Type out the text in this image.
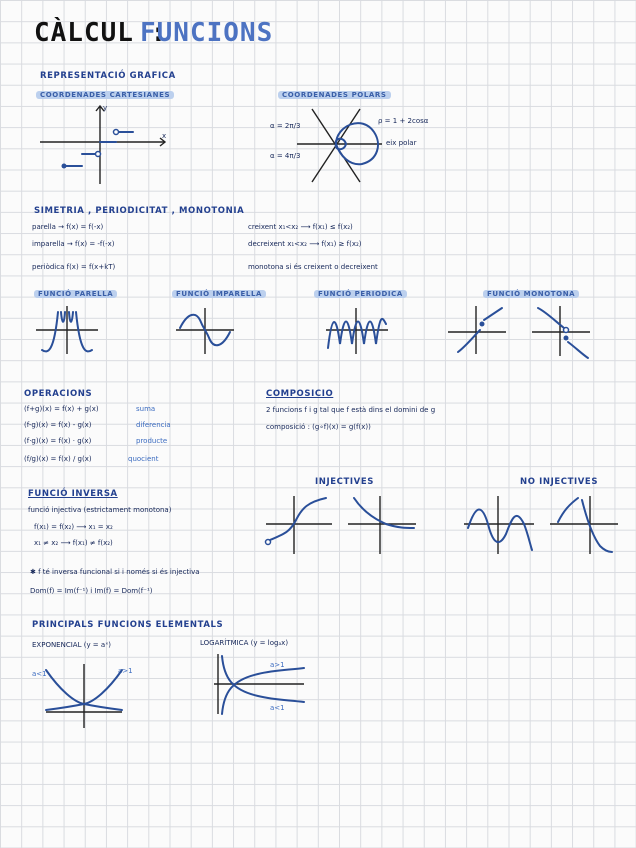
CÀLCUL :
FUNCIONS
REPRESENTACIÓ GRAFICA
COORDENADES CARTESIANES	COORDENADES POLARS
y
x
α = 2π/3
α = 4π/3
ρ = 1 + 2cosα
eix polar
SIMETRIA , PERIODICITAT , MONOTONIA
parella → f(x) = f(-x)
imparella → f(x) = -f(-x)
periòdica f(x) = f(x+kT)
creixent x₁<x₂ ⟶ f(x₁) ≤ f(x₂)
decreixent x₁<x₂ ⟶ f(x₁) ≥ f(x₂)
monotona si és creixent o decreixent
FUNCIÓ PARELLA	FUNCIÓ IMPARELLA	FUNCIÓ PERIODICA	FUNCIÓ MONOTONA
OPERACIONS
(f+g)(x) = f(x) + g(x)	suma
(f-g)(x) = f(x) - g(x)	diferencia
(f·g)(x) = f(x) · g(x)	producte
(f/g)(x) = f(x) / g(x)	quocient
COMPOSICIO
2 funcions f i g tal que f està dins el domini de g
composició : (g∘f)(x) = g(f(x))
INJECTIVES	NO INJECTIVES
FUNCIÓ INVERSA
funció injectiva (estrictament monotona)
f(x₁) = f(x₂) ⟶ x₁ = x₂
x₁ ≠ x₂ ⟶ f(x₁) ≠ f(x₂)
✱ f té inversa funcional si i només si és injectiva
Dom(f) = Im(f⁻¹) i Im(f) = Dom(f⁻¹)
PRINCIPALS FUNCIONS ELEMENTALS
EXPONENCIAL (y = aˣ)	LOGARÍTMICA (y = logₐx)
a<1	a>1
a>1
a<1
